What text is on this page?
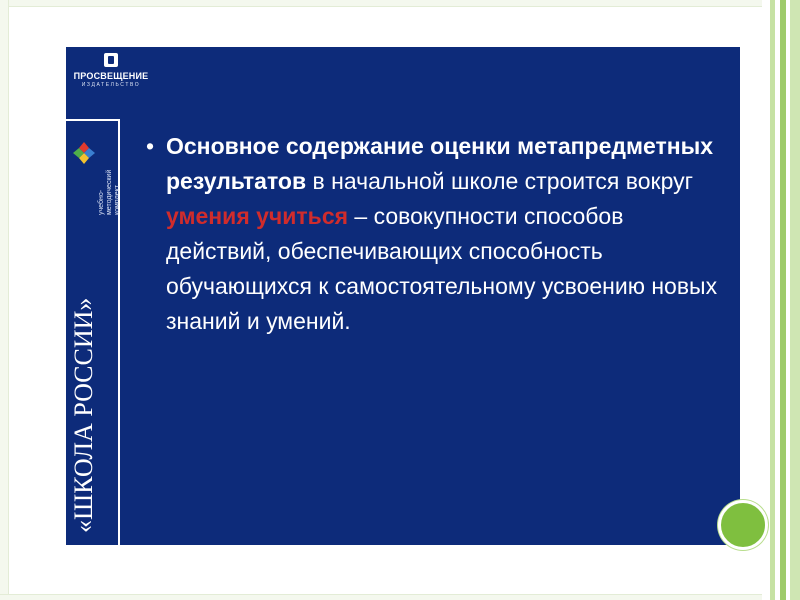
ПРОСВЕЩЕНИЕ
ИЗДАТЕЛЬСТВО
учебно- методический комплект
«ШКОЛА РОССИИ»
• Основное содержание оценки метапредметных результатов в начальной школе строится вокруг умения учиться – совокупности способов действий, обеспечивающих способность обучающихся к самостоятельному усвоению новых знаний и умений.
